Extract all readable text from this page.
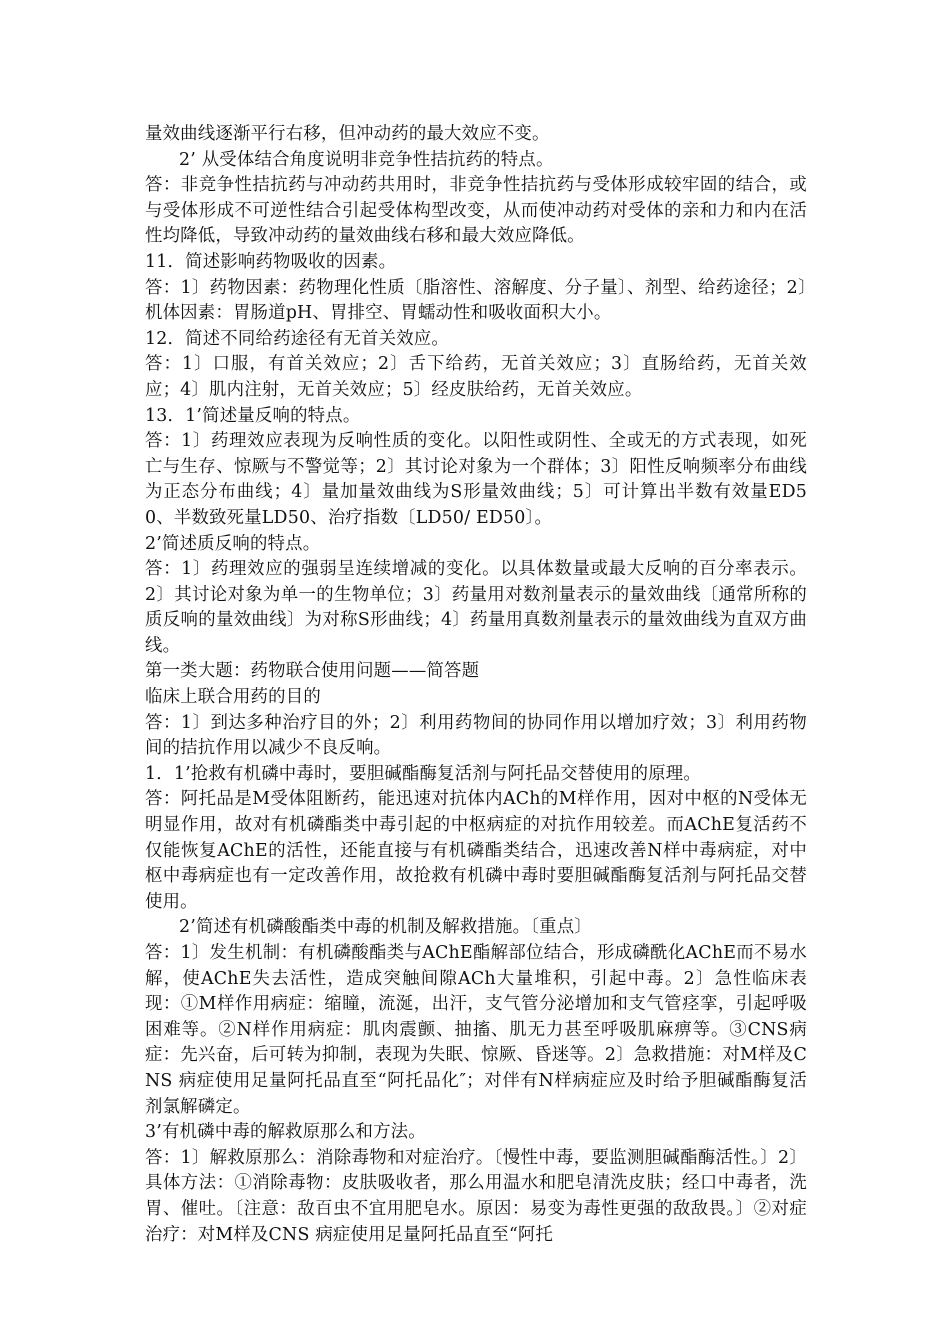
量效曲线逐渐平行右移，但冲动药的最大效应不变。

2’ 从受体结合角度说明非竞争性拮抗药的特点。

答：非竞争性拮抗药与冲动药共用时，非竞争性拮抗药与受体形成较牢固的结合，或与受体形成不可逆性结合引起受体构型改变，从而使冲动药对受体的亲和力和内在活性均降低，导致冲动药的量效曲线右移和最大效应降低。

11．简述影响药物吸收的因素。

答：1〕药物因素：药物理化性质〔脂溶性、溶解度、分子量〕、剂型、给药途径；2〕机体因素：胃肠道pH、胃排空、胃蠕动性和吸收面积大小。

12．简述不同给药途径有无首关效应。

答：1〕口服，有首关效应；2〕舌下给药，无首关效应；3〕直肠给药，无首关效应；4〕肌内注射，无首关效应；5〕经皮肤给药，无首关效应。

13．1’简述量反响的特点。

答：1〕药理效应表现为反响性质的变化。以阳性或阴性、全或无的方式表现，如死亡与生存、惊厥与不警觉等；2〕其讨论对象为一个群体；3〕阳性反响频率分布曲线为正态分布曲线；4〕量加量效曲线为S形量效曲线；5〕可计算出半数有效量ED50、半数致死量LD50、治疗指数〔LD50/ ED50〕。

2’简述质反响的特点。

答：1〕药理效应的强弱呈连续增减的变化。以具体数量或最大反响的百分率表示。2〕其讨论对象为单一的生物单位；3〕药量用对数剂量表示的量效曲线〔通常所称的质反响的量效曲线〕为对称S形曲线；4〕药量用真数剂量表示的量效曲线为直双方曲线。

第一类大题：药物联合使用问题——简答题

临床上联合用药的目的

答：1〕到达多种治疗目的外；2〕利用药物间的协同作用以增加疗效；3〕利用药物间的拮抗作用以减少不良反响。

1．1’抢救有机磷中毒时，要胆碱酯酶复活剂与阿托品交替使用的原理。

答：阿托品是M受体阻断药，能迅速对抗体内ACh的M样作用，因对中枢的N受体无明显作用，故对有机磷酯类中毒引起的中枢病症的对抗作用较差。而AChE复活药不仅能恢复AChE的活性，还能直接与有机磷酯类结合，迅速改善N样中毒病症，对中枢中毒病症也有一定改善作用，故抢救有机磷中毒时要胆碱酯酶复活剂与阿托品交替使用。

2’简述有机磷酸酯类中毒的机制及解救措施。〔重点〕

答：1〕发生机制：有机磷酸酯类与AChE酯解部位结合，形成磷酰化AChE而不易水解，使AChE失去活性，造成突触间隙ACh大量堆积，引起中毒。2〕急性临床表现：①M样作用病症：缩瞳，流涎，出汗，支气管分泌增加和支气管痉挛，引起呼吸困难等。②N样作用病症：肌肉震颤、抽搐、肌无力甚至呼吸肌麻痹等。③CNS病症：先兴奋，后可转为抑制，表现为失眠、惊厥、昏迷等。2〕急救措施：对M样及CNS 病症使用足量阿托品直至“阿托品化″；对伴有N样病症应及时给予胆碱酯酶复活剂氯解磷定。

3’有机磷中毒的解救原那么和方法。

答：1〕解救原那么：消除毒物和对症治疗。〔慢性中毒，要监测胆碱酯酶活性。〕2〕具体方法：①消除毒物：皮肤吸收者，那么用温水和肥皂清洗皮肤；经口中毒者，洗胃、催吐。〔注意：敌百虫不宜用肥皂水。原因：易变为毒性更强的敌敌畏。〕②对症治疗：对M样及CNS 病症使用足量阿托品直至“阿托
